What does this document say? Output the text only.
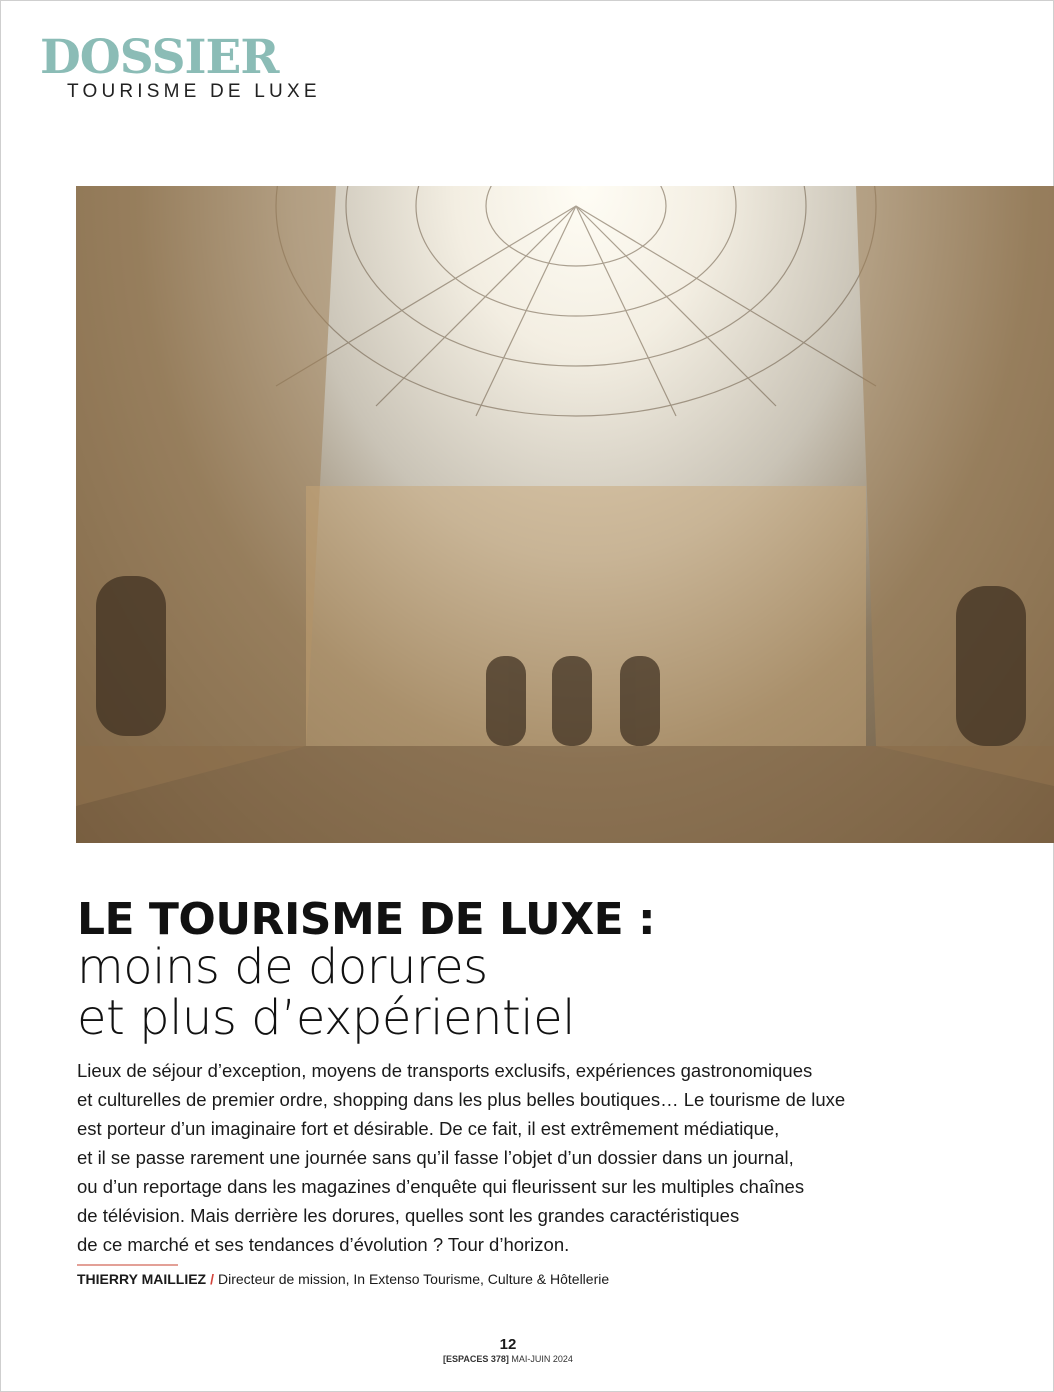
DOSSIER
TOURISME DE LUXE
LE TOURISME DE LUXE :
moins de dorures
et plus d’expérientiel
Lieux de séjour d’exception, moyens de transports exclusifs, expériences gastronomiques
et culturelles de premier ordre, shopping dans les plus belles boutiques… Le tourisme de luxe
est porteur d’un imaginaire fort et désirable. De ce fait, il est extrêmement médiatique,
et il se passe rarement une journée sans qu’il fasse l’objet d’un dossier dans un journal,
ou d’un reportage dans les magazines d’enquête qui fleurissent sur les multiples chaînes
de télévision. Mais derrière les dorures, quelles sont les grandes caractéristiques
de ce marché et ses tendances d’évolution ? Tour d’horizon.
THIERRY MAILLIEZ / Directeur de mission, In Extenso Tourisme, Culture & Hôtellerie
12
[ESPACES 378] MAI-JUIN 2024
